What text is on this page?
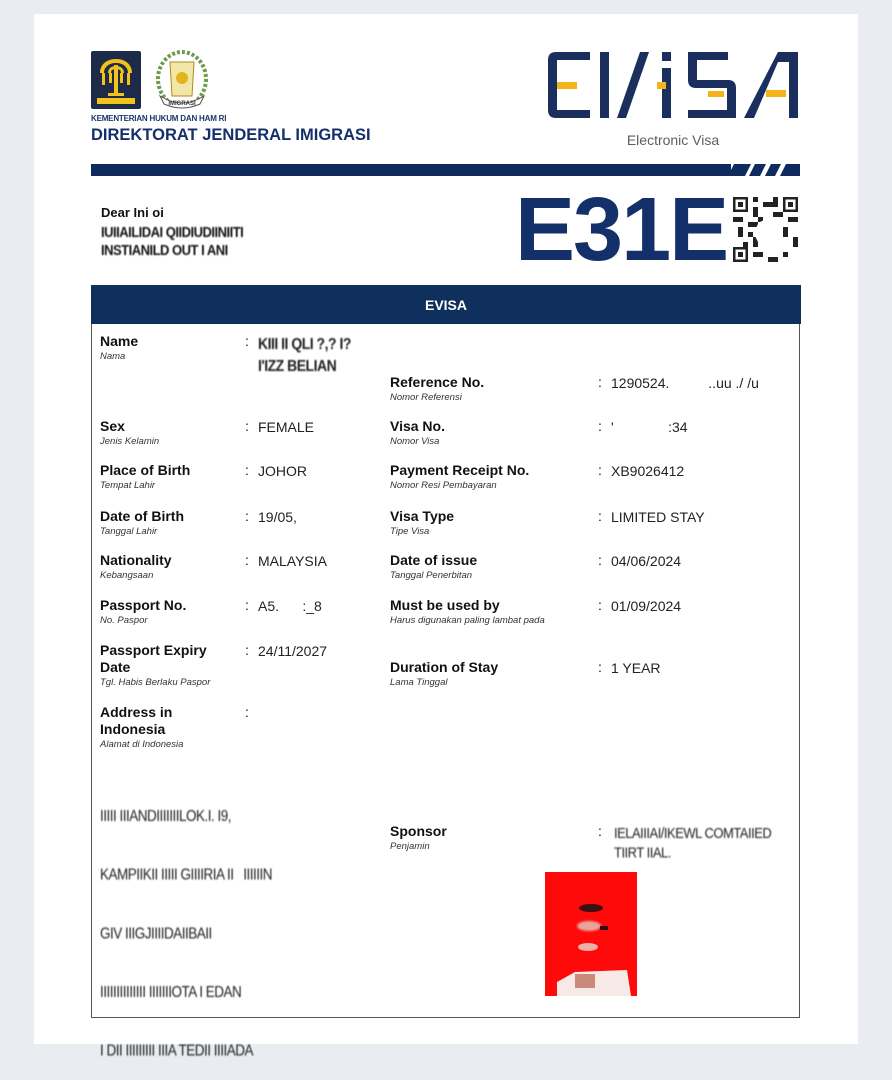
IMIGRASI
KEMENTERIAN HUKUM DAN HAM RI
DIREKTORAT JENDERAL IMIGRASI	Electronic Visa
Dear Ini oi
IUIIAILIDAI QIIDIUDIINIITI
INSTIANILD OUT I ANI	E31E
EVISA
Name
Nama
: KIII II QLI ?,? I?I'IZZ BELIAN
Sex
Jenis Kelamin
: FEMALE
Place of Birth
Tempat Lahir
: JOHOR
Date of Birth
Tanggal Lahir
: 19/05,
Nationality
Kebangsaan
: MALAYSIA
Passport No.
No. Paspor
: A5.      :_8
Passport Expiry Date
Tgl. Habis Berlaku Paspor
: 24/11/2027
Address in Indonesia
Alamat di Indonesia
:

IIIII IIIANDIIIIIIILOK.I. I9,

KAMPIIKII IIIII GIIIIRIA II   IIIIIIN

GIV IIIGJIIIIDAIIBAII

IIIIIIIIIIIIII IIIIIIIOTA I EDAN

I DII IIIIIIIII IIIA TEDII IIIIADA

Reference No.
Nomor Referensi
: 1290524.          ..uu ./ /u
Visa No.
Nomor Visa
: '              :34
Payment Receipt No.
Nomor Resi Pembayaran
: XB9026412
Visa Type
Tipe Visa
: LIMITED STAY
Date of issue
Tanggal Penerbitan
: 04/06/2024
Must be used by
Harus digunakan paling lambat pada
: 01/09/2024
Duration of Stay
Lama Tinggal
: 1 YEAR
Sponsor
Penjamin
: IELAIIIAI/IKEWL COMTAIIED TIIRT IIAL.
